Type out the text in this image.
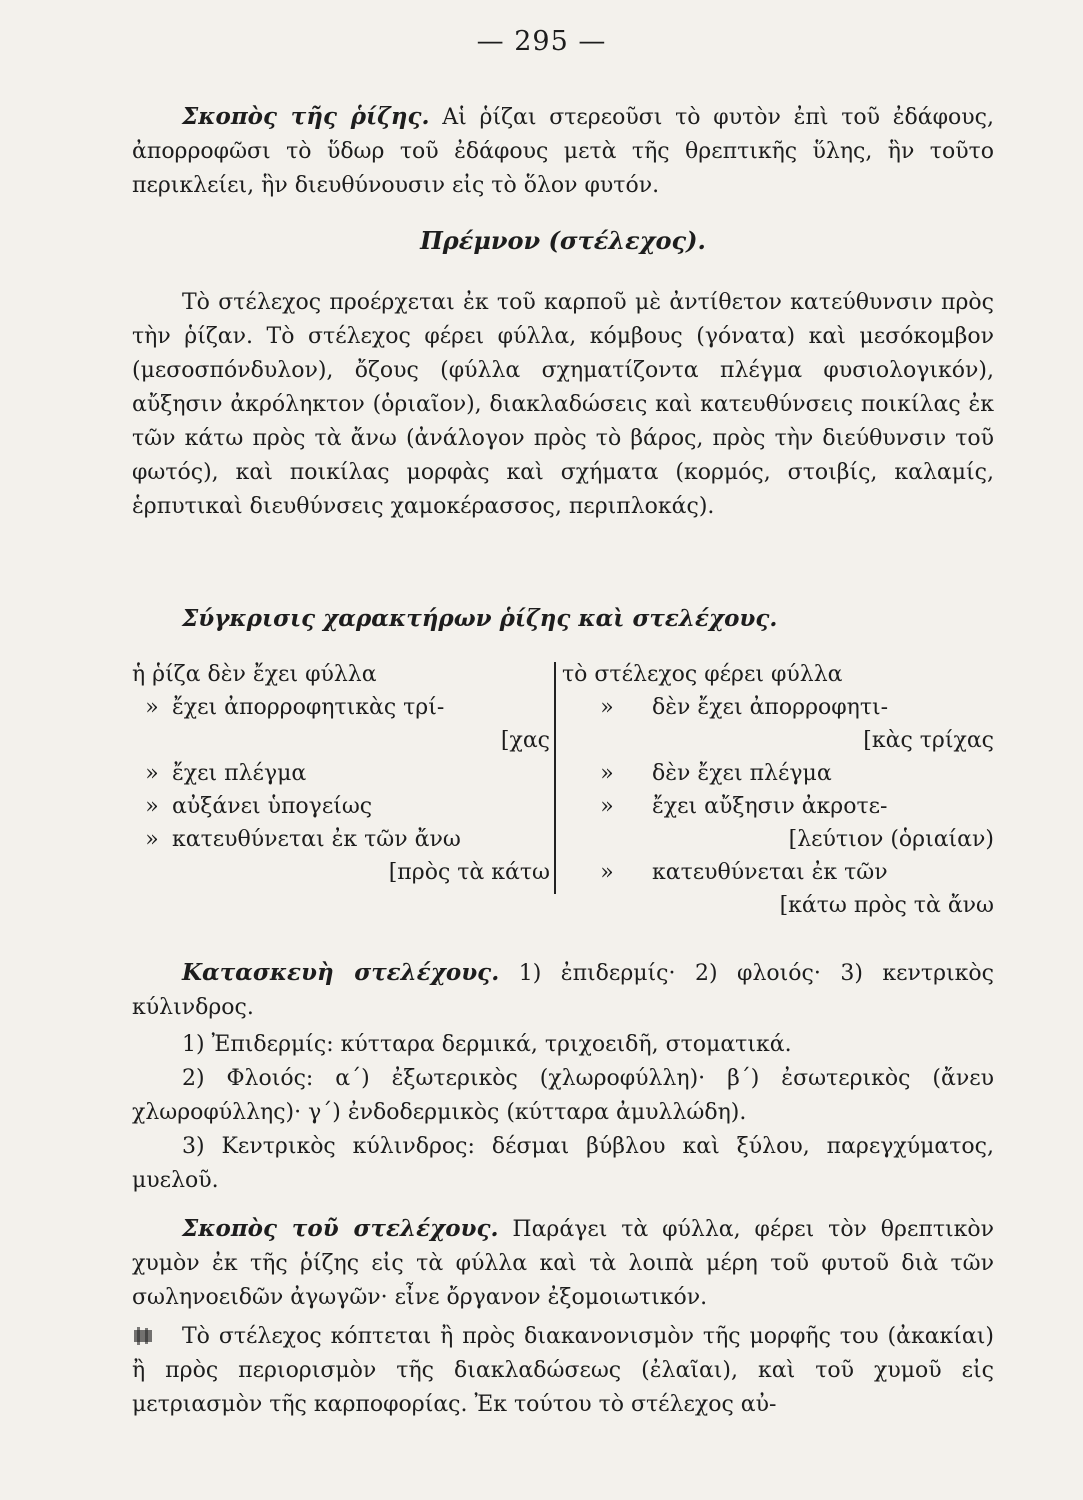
— 295 —

Σκοπὸς τῆς ῥίζης. Αἱ ῥίζαι στερεοῦσι τὸ φυτὸν ἐπὶ τοῦ ἐδάφους, ἀπορροφῶσι τὸ ὕδωρ τοῦ ἐδάφους μετὰ τῆς θρεπτικῆς ὕλης, ἣν τοῦτο περικλείει, ἣν διευθύνουσιν εἰς τὸ ὅλον φυτόν.

Πρέμνον (στέλεχος).

Τὸ στέλεχος προέρχεται ἐκ τοῦ καρποῦ μὲ ἀντίθετον κατεύθυνσιν πρὸς τὴν ῥίζαν. Τὸ στέλεχος φέρει φύλλα, κόμβους (γόνατα) καὶ μεσόκομβον (μεσοσπόνδυλον), ὄζους (φύλλα σχηματίζοντα πλέγμα φυσιολογικόν), αὔξησιν ἀκρόληκτον (ὁριαῖον), διακλαδώσεις καὶ κατευθύνσεις ποικίλας ἐκ τῶν κάτω πρὸς τὰ ἄνω (ἀνάλογον πρὸς τὸ βάρος, πρὸς τὴν διεύθυνσιν τοῦ φωτός), καὶ ποικίλας μορφὰς καὶ σχήματα (κορμός, στοιβίς, καλαμίς, ἑρπυτικαὶ διευθύνσεις χαμοκέρασσος, περιπλοκάς).

Σύγκρισις χαρακτήρων ῥίζης καὶ στελέχους.

ἡ ῥίζα δὲν ἔχει φύλλα
» ἔχει ἀπορροφητικὰς τρί-
[χας
» ἔχει πλέγμα
» αὐξάνει ὑπογείως
» κατευθύνεται ἐκ τῶν ἄνω
[πρὸς τὰ κάτω
τὸ στέλεχος φέρει φύλλα
» δὲν ἔχει ἀπορροφητι-
[κὰς τρίχας
» δὲν ἔχει πλέγμα
» ἔχει αὔξησιν ἀκροτε-
[λεύτιον (ὁριαίαν)
» κατευθύνεται ἐκ τῶν
[κάτω πρὸς τὰ ἄνω

Κατασκευὴ στελέχους. 1) ἐπιδερμίς· 2) φλοιός· 3) κεντρικὸς κύλινδρος.

1) Ἐπιδερμίς: κύτταρα δερμικά, τριχοειδῆ, στοματικά.

2) Φλοιός: α΄) ἐξωτερικὸς (χλωροφύλλη)· β΄) ἐσωτερικὸς (ἄνευ χλωροφύλλης)· γ΄) ἐνδοδερμικὸς (κύτταρα ἀμυλλώδη).

3) Κεντρικὸς κύλινδρος: δέσμαι βύβλου καὶ ξύλου, παρεγχύματος, μυελοῦ.

Σκοπὸς τοῦ στελέχους. Παράγει τὰ φύλλα, φέρει τὸν θρεπτικὸν χυμὸν ἐκ τῆς ῥίζης εἰς τὰ φύλλα καὶ τὰ λοιπὰ μέρη τοῦ φυτοῦ διὰ τῶν σωληνοειδῶν ἀγωγῶν· εἶνε ὄργανον ἐξομοιωτικόν.

Τὸ στέλεχος κόπτεται ἢ πρὸς διακανονισμὸν τῆς μορφῆς του (ἀκακίαι) ἢ πρὸς περιορισμὸν τῆς διακλαδώσεως (ἐλαῖαι), καὶ τοῦ χυμοῦ εἰς μετριασμὸν τῆς καρποφορίας. Ἐκ τούτου τὸ στέλεχος αὐ-
